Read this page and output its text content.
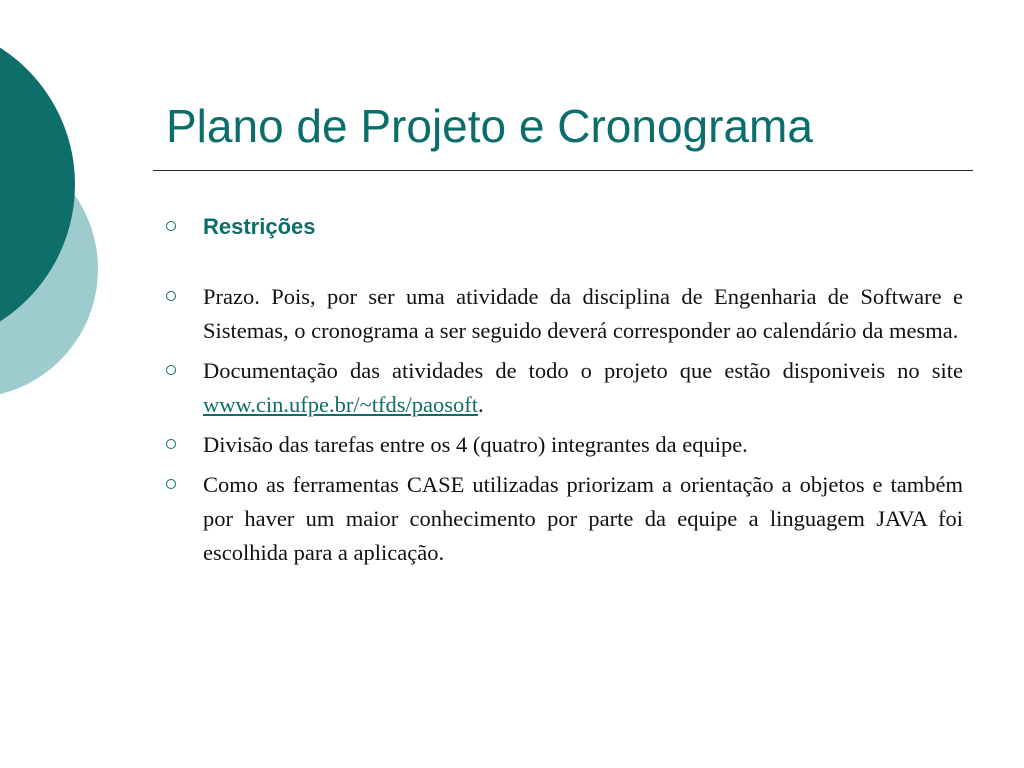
Plano de Projeto e Cronograma
Restrições
Prazo. Pois, por ser uma atividade da disciplina de Engenharia de Software e Sistemas, o cronograma a ser seguido deverá corresponder ao calendário da mesma.
Documentação das atividades de todo o projeto que estão disponiveis no site www.cin.ufpe.br/~tfds/paosoft.
Divisão das tarefas entre os 4 (quatro) integrantes da equipe.
Como as ferramentas CASE utilizadas priorizam a orientação a objetos e também por haver um maior conhecimento por parte da equipe a linguagem JAVA foi escolhida para a aplicação.
